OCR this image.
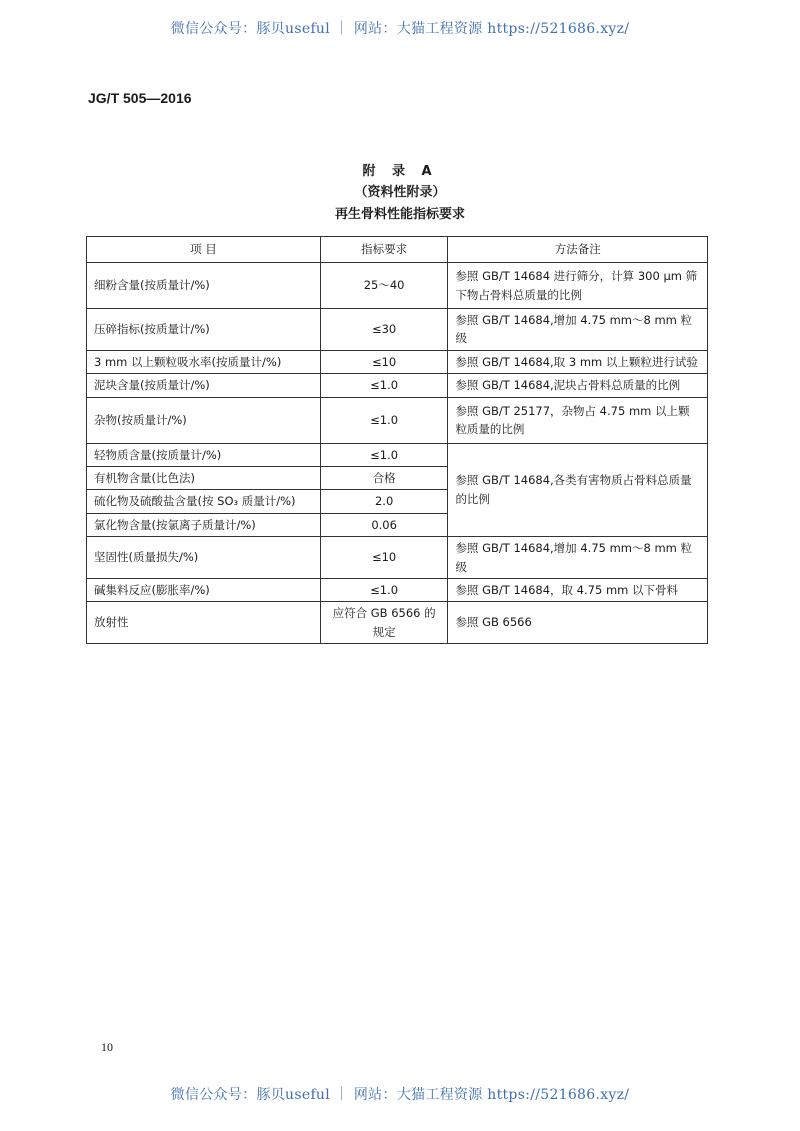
微信公众号：豚贝useful ｜ 网站：大猫工程资源 https://521686.xyz/
JG/T 505—2016
附 录 A
（资料性附录）
再生骨料性能指标要求
项 目	指标要求	方法备注
细粉含量(按质量计/%)	25～40	参照 GB/T 14684 进行筛分，计算 300 μm 筛下物占骨料总质量的比例
压碎指标(按质量计/%)	≤30	参照 GB/T 14684,增加 4.75 mm～8 mm 粒级
3 mm 以上颗粒吸水率(按质量计/%)	≤10	参照 GB/T 14684,取 3 mm 以上颗粒进行试验
泥块含量(按质量计/%)	≤1.0	参照 GB/T 14684,泥块占骨料总质量的比例
杂物(按质量计/%)	≤1.0	参照 GB/T 25177，杂物占 4.75 mm 以上颗粒质量的比例
轻物质含量(按质量计/%)	≤1.0	参照 GB/T 14684,各类有害物质占骨料总质量的比例
有机物含量(比色法)	合格	
硫化物及硫酸盐含量(按 SO₃ 质量计/%)	2.0	
氯化物含量(按氯离子质量计/%)	0.06	
坚固性(质量损失/%)	≤10	参照 GB/T 14684,增加 4.75 mm～8 mm 粒级
碱集料反应(膨胀率/%)	≤1.0	参照 GB/T 14684，取 4.75 mm 以下骨料
放射性	应符合 GB 6566 的规定	参照 GB 6566
10
微信公众号：豚贝useful ｜ 网站：大猫工程资源 https://521686.xyz/
